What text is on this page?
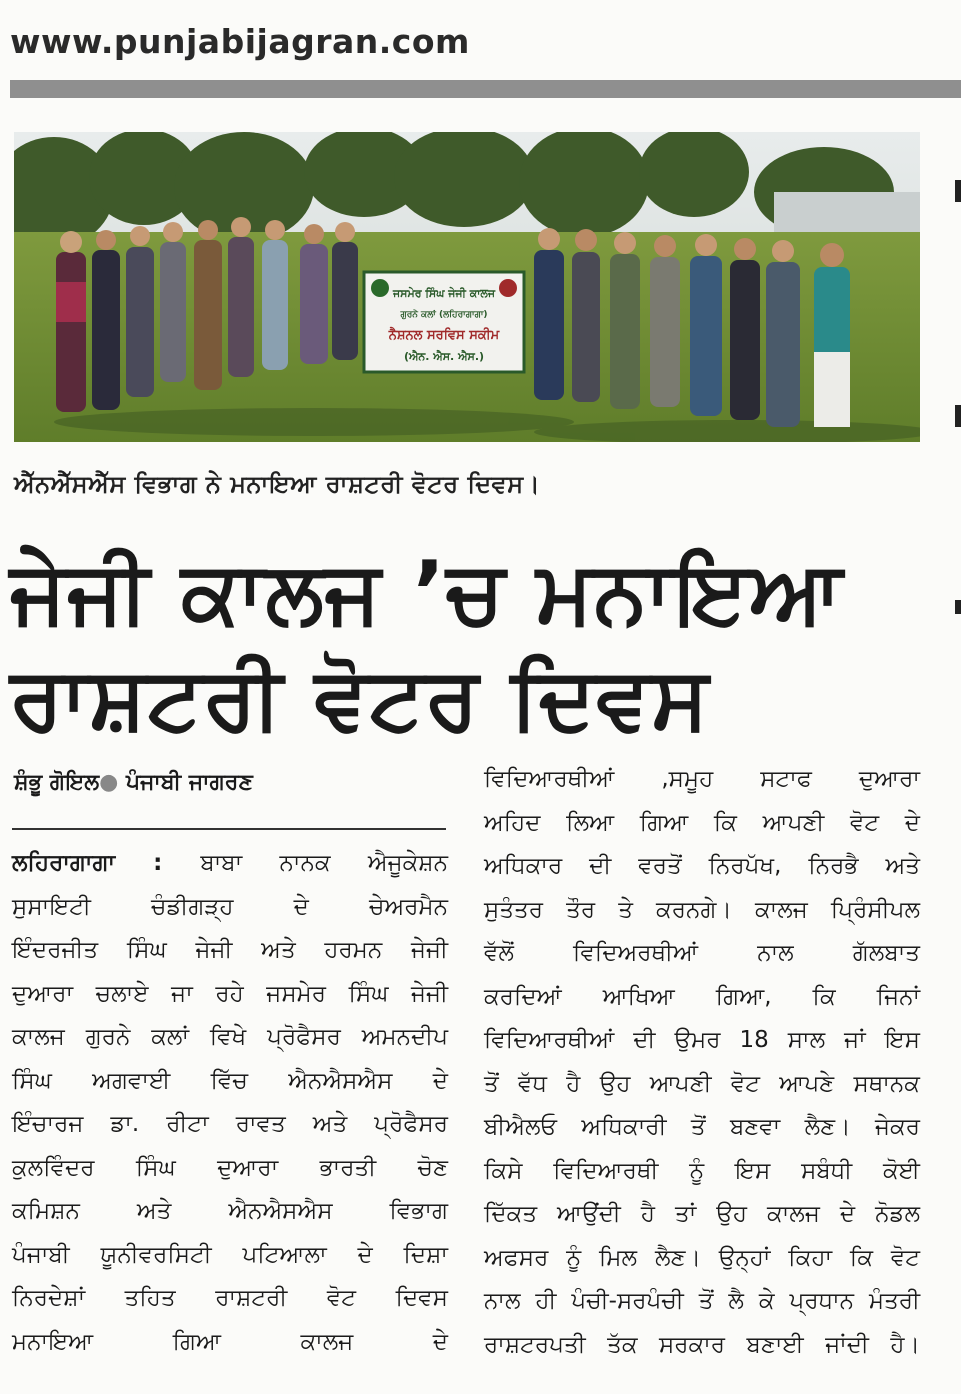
www.punjabijagran.com
ਜਸਮੇਰ ਸਿੰਘ ਜੇਜੀ ਕਾਲਜ
ਗੁਰਨੇ ਕਲਾਂ (ਲਹਿਰਾਗਾਗਾ)
ਨੈਸ਼ਨਲ ਸਰਵਿਸ ਸਕੀਮ
(ਐਨ. ਐਸ. ਐਸ.)
ਐੱਨਐੱਸਐੱਸ ਵਿਭਾਗ ਨੇ ਮਨਾਇਆ ਰਾਸ਼ਟਰੀ ਵੋਟਰ ਦਿਵਸ।
ਜੇਜੀ ਕਾਲਜ ’ਚ ਮਨਾਇਆ
ਰਾਸ਼ਟਰੀ ਵੋਟਰ ਦਿਵਸ
ਸ਼ੰਭੂ ਗੋਇਲ● ਪੰਜਾਬੀ ਜਾਗਰਣ

ਲਹਿਰਾਗਾਗਾ : ਬਾਬਾ ਨਾਨਕ ਐਜੂਕੇਸ਼ਨ

ਸੁਸਾਇਟੀ ਚੰਡੀਗੜ੍ਹ ਦੇ ਚੇਅਰਮੈਨ

ਇੰਦਰਜੀਤ ਸਿੰਘ ਜੇਜੀ ਅਤੇ ਹਰਮਨ ਜੇਜੀ

ਦੁਆਰਾ ਚਲਾਏ ਜਾ ਰਹੇ ਜਸਮੇਰ ਸਿੰਘ ਜੇਜੀ

ਕਾਲਜ ਗੁਰਨੇ ਕਲਾਂ ਵਿਖੇ ਪ੍ਰੋਫੈਸਰ ਅਮਨਦੀਪ

ਸਿੰਘ ਅਗਵਾਈ ਵਿੱਚ ਐਨਐਸਐਸ ਦੇ

ਇੰਚਾਰਜ ਡਾ. ਰੀਟਾ ਰਾਵਤ ਅਤੇ ਪ੍ਰੋਫੈਸਰ

ਕੁਲਵਿੰਦਰ ਸਿੰਘ ਦੁਆਰਾ ਭਾਰਤੀ ਚੋਣ

ਕਮਿਸ਼ਨ ਅਤੇ ਐਨਐਸਐਸ ਵਿਭਾਗ

ਪੰਜਾਬੀ ਯੂਨੀਵਰਸਿਟੀ ਪਟਿਆਲਾ ਦੇ ਦਿਸ਼ਾ

ਨਿਰਦੇਸ਼ਾਂ ਤਹਿਤ ਰਾਸ਼ਟਰੀ ਵੋਟ ਦਿਵਸ

ਮਨਾਇਆ ਗਿਆ ਕਾਲਜ ਦੇ

ਵਿਦਿਆਰਥੀਆਂ ,ਸਮੂਹ ਸਟਾਫ ਦੁਆਰਾ

ਅਹਿਦ ਲਿਆ ਗਿਆ ਕਿ ਆਪਣੀ ਵੋਟ ਦੇ

ਅਧਿਕਾਰ ਦੀ ਵਰਤੋਂ ਨਿਰਪੱਖ, ਨਿਰਭੈ ਅਤੇ

ਸੁਤੰਤਰ ਤੌਰ ਤੇ ਕਰਨਗੇ। ਕਾਲਜ ਪ੍ਰਿੰਸੀਪਲ

ਵੱਲੋਂ ਵਿਦਿਅਰਥੀਆਂ ਨਾਲ ਗੱਲਬਾਤ

ਕਰਦਿਆਂ ਆਖਿਆ ਗਿਆ, ਕਿ ਜਿਨਾਂ

ਵਿਦਿਆਰਥੀਆਂ ਦੀ ਉਮਰ 18 ਸਾਲ ਜਾਂ ਇਸ

ਤੋਂ ਵੱਧ ਹੈ ਉਹ ਆਪਣੀ ਵੋਟ ਆਪਣੇ ਸਥਾਨਕ

ਬੀਐਲਓ ਅਧਿਕਾਰੀ ਤੋਂ ਬਣਵਾ ਲੈਣ। ਜੇਕਰ

ਕਿਸੇ ਵਿਦਿਆਰਥੀ ਨੂੰ ਇਸ ਸਬੰਧੀ ਕੋਈ

ਦਿੱਕਤ ਆਉਂਦੀ ਹੈ ਤਾਂ ਉਹ ਕਾਲਜ ਦੇ ਨੋਡਲ

ਅਫਸਰ ਨੂੰ ਮਿਲ ਲੈਣ। ਉਨ੍ਹਾਂ ਕਿਹਾ ਕਿ ਵੋਟ

ਨਾਲ ਹੀ ਪੰਚੀ-ਸਰਪੰਚੀ ਤੋਂ ਲੈ ਕੇ ਪ੍ਰਧਾਨ ਮੰਤਰੀ

ਰਾਸ਼ਟਰਪਤੀ ਤੱਕ ਸਰਕਾਰ ਬਣਾਈ ਜਾਂਦੀ ਹੈ।
